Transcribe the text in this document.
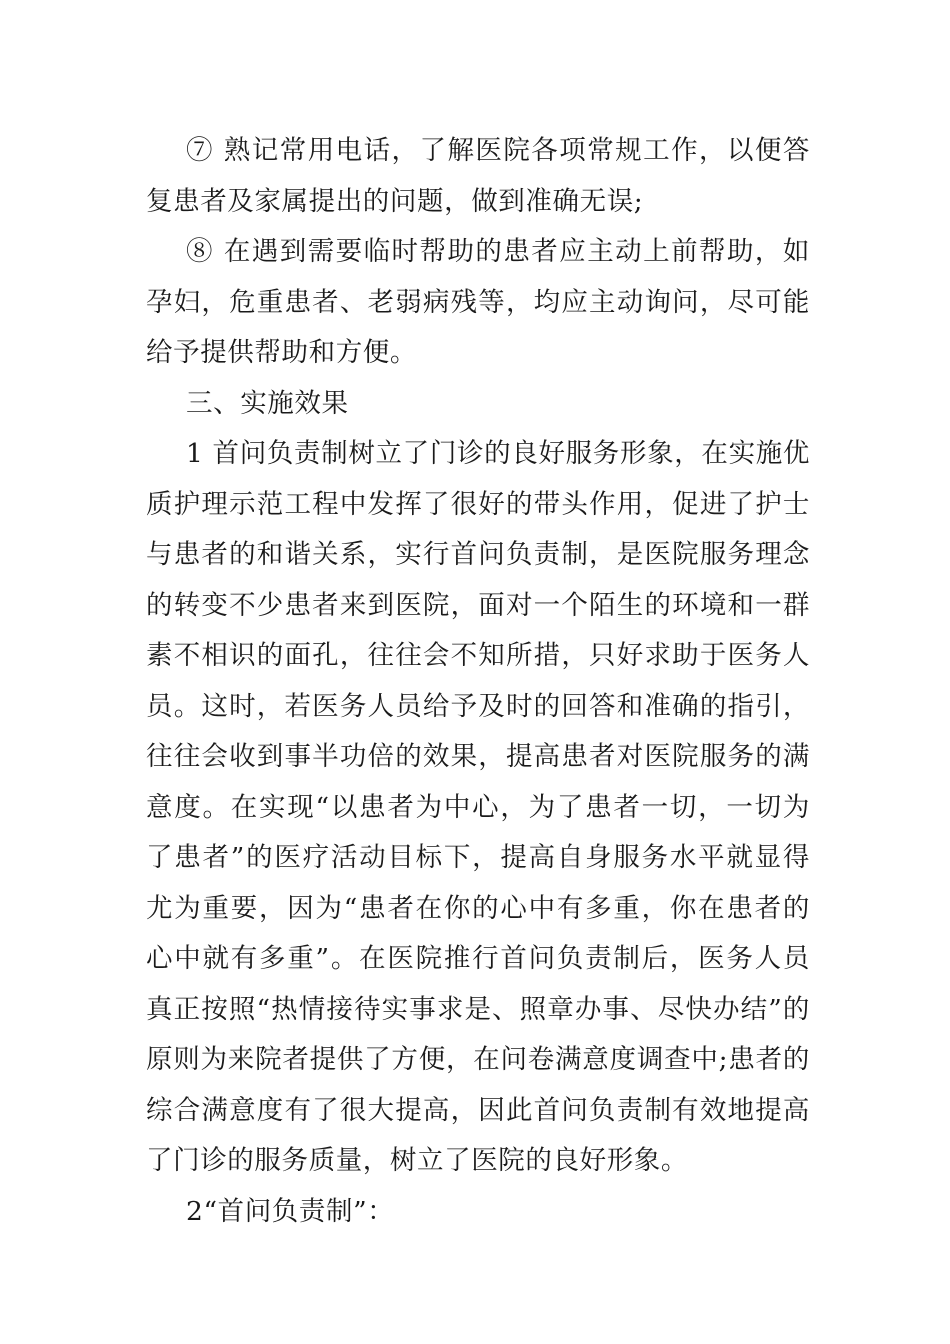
⑦ 熟记常用电话，了解医院各项常规工作，以便答复患者及家属提出的问题，做到准确无误;

⑧ 在遇到需要临时帮助的患者应主动上前帮助，如孕妇，危重患者、老弱病残等，均应主动询问，尽可能给予提供帮助和方便。

三、实施效果

1 首问负责制树立了门诊的良好服务形象，在实施优质护理示范工程中发挥了很好的带头作用，促进了护士与患者的和谐关系，实行首问负责制，是医院服务理念的转变不少患者来到医院，面对一个陌生的环境和一群素不相识的面孔，往往会不知所措，只好求助于医务人员。这时，若医务人员给予及时的回答和准确的指引，往往会收到事半功倍的效果，提高患者对医院服务的满意度。在实现“以患者为中心，为了患者一切，一切为了患者”的医疗活动目标下，提高自身服务水平就显得尤为重要，因为“患者在你的心中有多重，你在患者的心中就有多重”。在医院推行首问负责制后，医务人员真正按照“热情接待实事求是、照章办事、尽快办结”的原则为来院者提供了方便，在问卷满意度调查中;患者的综合满意度有了很大提高，因此首问负责制有效地提高了门诊的服务质量，树立了医院的良好形象。

2“首问负责制”：
